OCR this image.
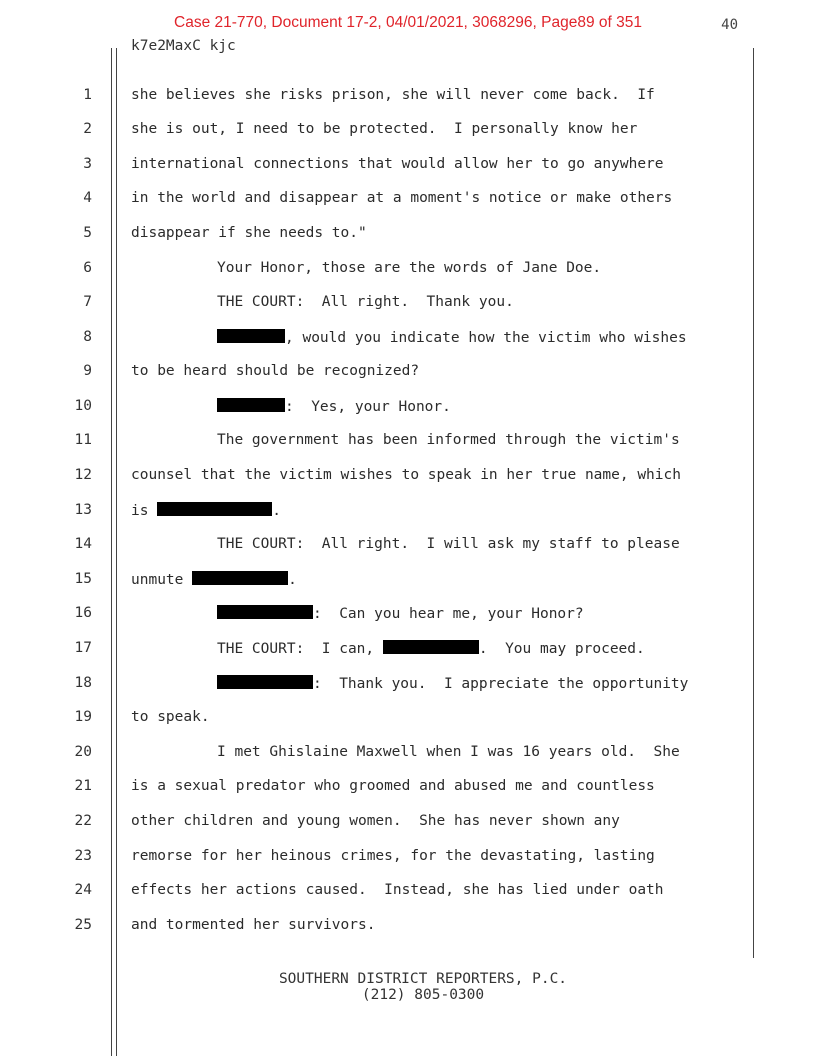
Case 21-770, Document 17-2, 04/01/2021, 3068296, Page89 of 351	40
k7e2MaxC kjc
1	she believes she risks prison, she will never come back.  If
2	she is out, I need to be protected.  I personally know her
3	international connections that would allow her to go anywhere
4	in the world and disappear at a moment's notice or make others
5	disappear if she needs to."
6	Your Honor, those are the words of Jane Doe.
7	THE COURT:  All right.  Thank you.
8	, would you indicate how the victim who wishes
9	to be heard should be recognized?
10	:  Yes, your Honor.
11	The government has been informed through the victim's
12	counsel that the victim wishes to speak in her true name, which
13	is	.
14	THE COURT:  All right.  I will ask my staff to please
15	unmute	.
16	:  Can you hear me, your Honor?
17	THE COURT:  I can,	.  You may proceed.
18	:  Thank you.  I appreciate the opportunity
19	to speak.
20	I met Ghislaine Maxwell when I was 16 years old.  She
21	is a sexual predator who groomed and abused me and countless
22	other children and young women.  She has never shown any
23	remorse for her heinous crimes, for the devastating, lasting
24	effects her actions caused.  Instead, she has lied under oath
25	and tormented her survivors.
SOUTHERN DISTRICT REPORTERS, P.C.
(212) 805-0300
